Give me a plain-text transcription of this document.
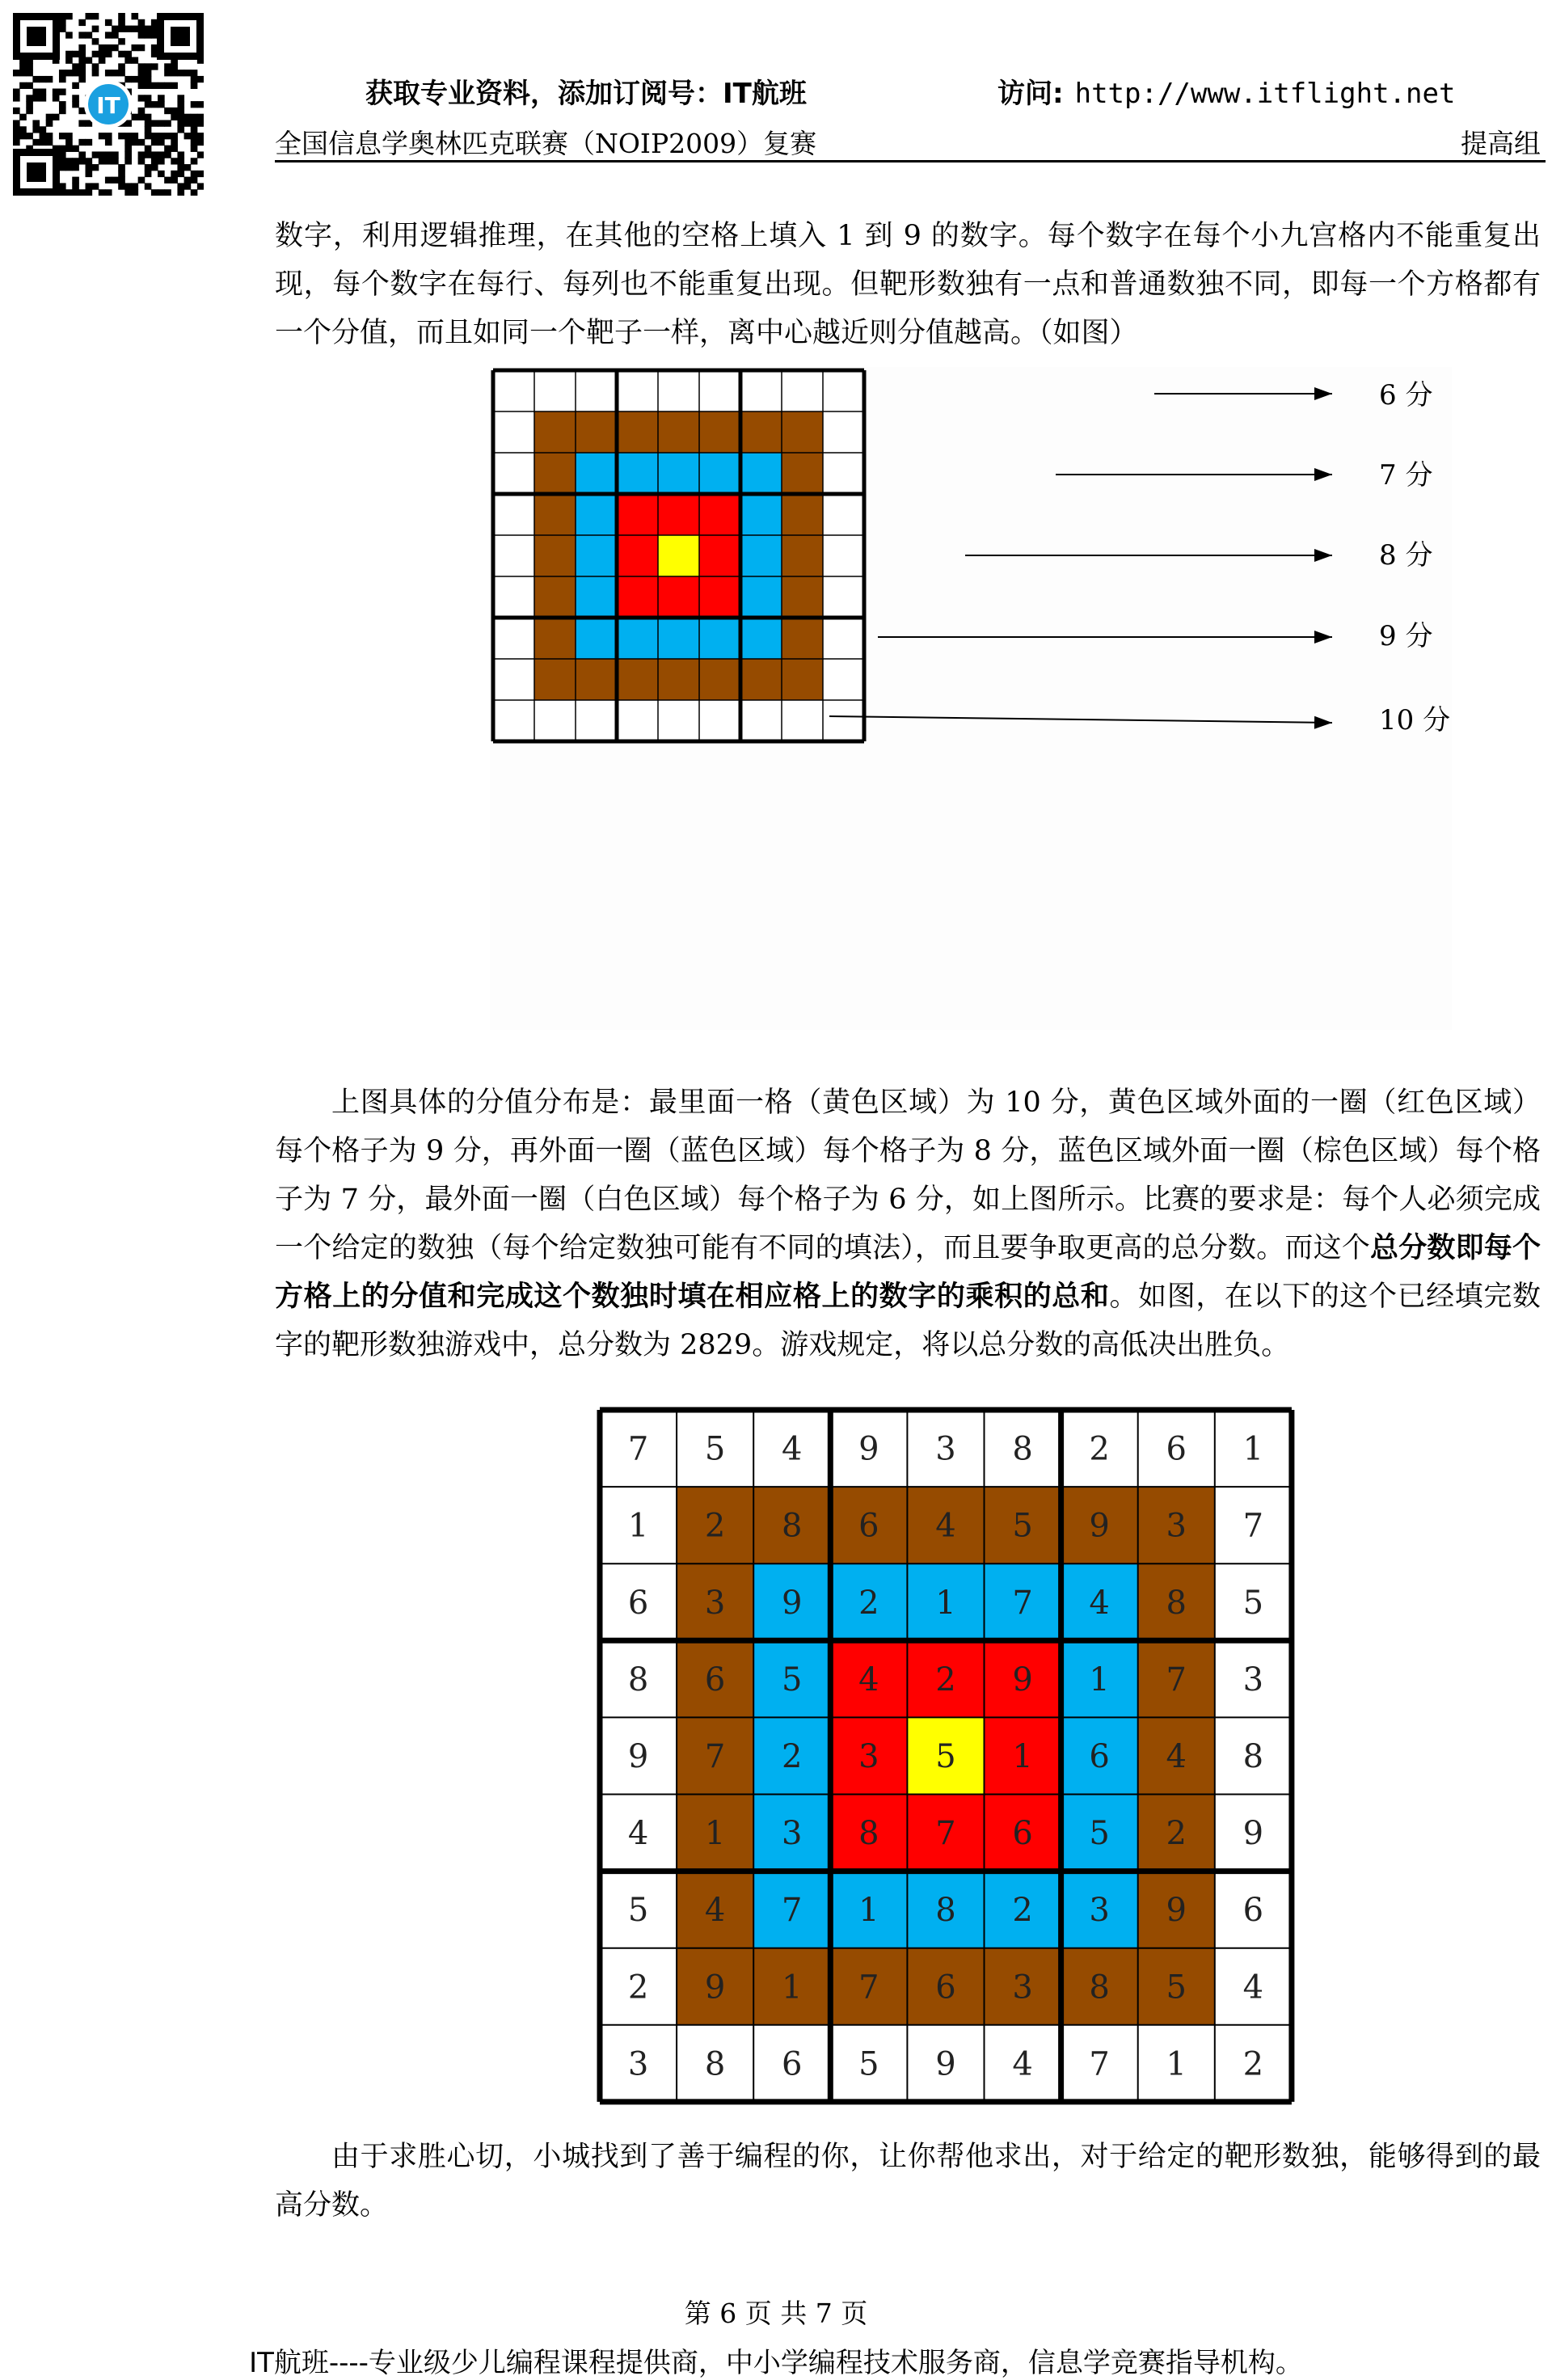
IT	获取专业资料，添加订阅号：IT航班	访问: http://www.itflight.net
全国信息学奥林匹克联赛（NOIP2009）复赛	提高组

数字，利用逻辑推理，在其他的空格上填入 1 到 9 的数字。每个数字在每个小九宫格内不能重复出现，每个数字在每行、每列也不能重复出现。但靶形数独有一点和普通数独不同，即每一个方格都有一个分值，而且如同一个靶子一样，离中心越近则分值越高。（如图）

6 分
7 分
8 分
9 分
10 分

上图具体的分值分布是：最里面一格（黄色区域）为 10 分，黄色区域外面的一圈（红色区域）每个格子为 9 分，再外面一圈（蓝色区域）每个格子为 8 分，蓝色区域外面一圈（棕色区域）每个格子为 7 分，最外面一圈（白色区域）每个格子为 6 分，如上图所示。比赛的要求是：每个人必须完成一个给定的数独（每个给定数独可能有不同的填法），而且要争取更高的总分数。而这个总分数即每个方格上的分值和完成这个数独时填在相应格上的数字的乘积的总和。如图，在以下的这个已经填完数字的靶形数独游戏中，总分数为 2829。游戏规定，将以总分数的高低决出胜负。

7 5 4 9 3 8 2 6 1
1 2 8 6 4 5 9 3 7
6 3 9 2 1 7 4 8 5
8 6 5 4 2 9 1 7 3
9 7 2 3 5 1 6 4 8
4 1 3 8 7 6 5 2 9
5 4 7 1 8 2 3 9 6
2 9 1 7 6 3 8 5 4
3 8 6 5 9 4 7 1 2

由于求胜心切，小城找到了善于编程的你，让你帮他求出，对于给定的靶形数独，能够得到的最高分数。

第 6 页 共 7 页
IT航班----专业级少儿编程课程提供商，中小学编程技术服务商，信息学竞赛指导机构。
